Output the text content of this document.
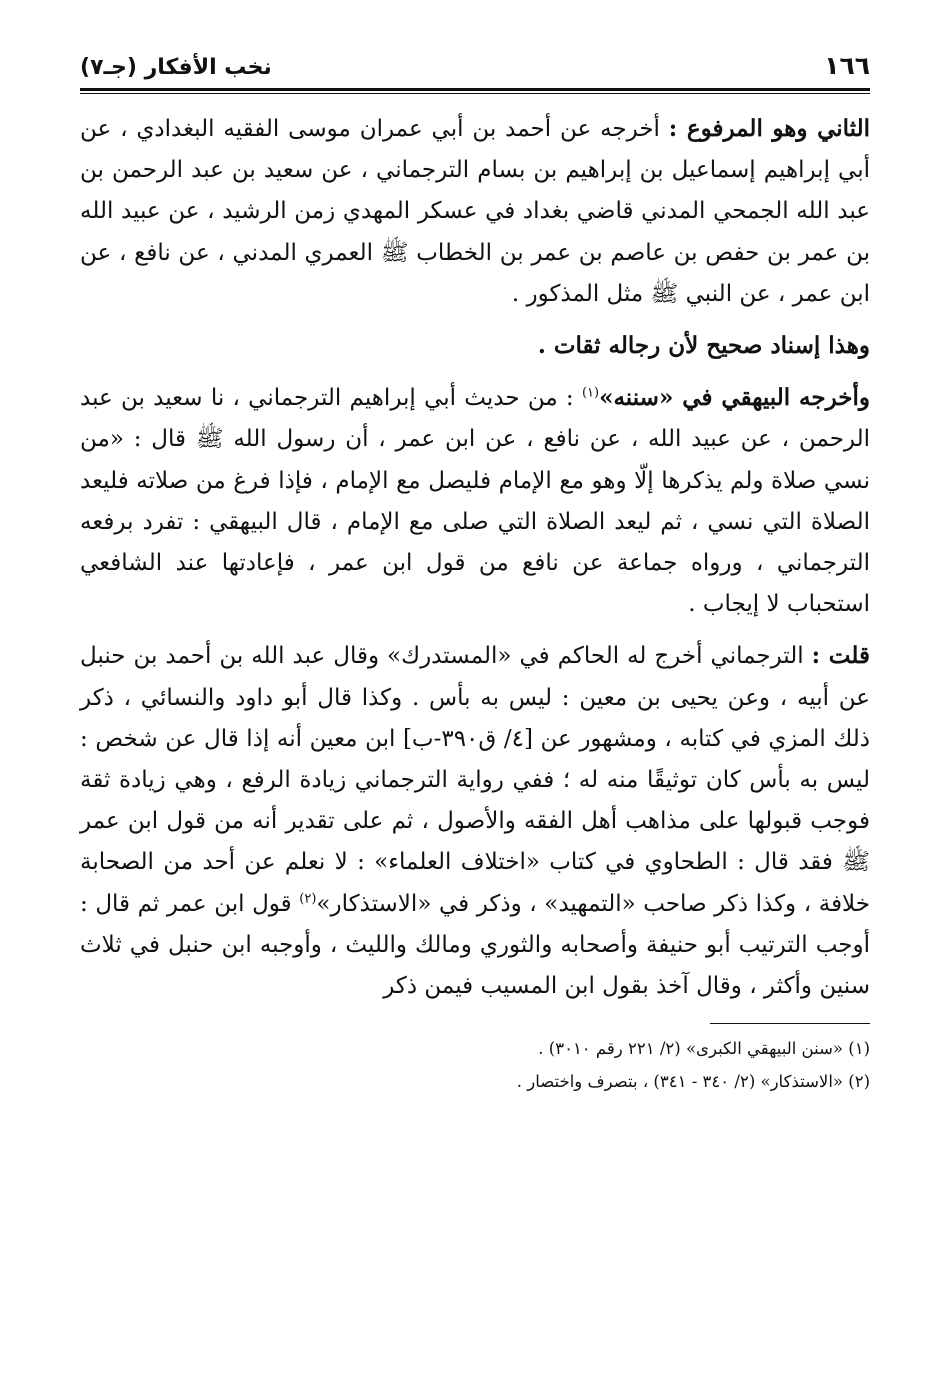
١٦٦
نخب الأفكار (جـ٧)

الثاني وهو المرفوع : أخرجه عن أحمد بن أبي عمران موسى الفقيه البغدادي ، عن أبي إبراهيم إسماعيل بن إبراهيم بن بسام الترجماني ، عن سعيد بن عبد الرحمن بن عبد الله الجمحي المدني قاضي بغداد في عسكر المهدي زمن الرشيد ، عن عبيد الله بن عمر بن حفص بن عاصم بن عمر بن الخطاب ﷺ العمري المدني ، عن نافع ، عن ابن عمر ، عن النبي ﷺ مثل المذكور .

وهذا إسناد صحيح لأن رجاله ثقات .

وأخرجه البيهقي في «سننه»$^{(١)}$ : من حديث أبي إبراهيم الترجماني ، نا سعيد بن عبد الرحمن ، عن عبيد الله ، عن نافع ، عن ابن عمر ، أن رسول الله ﷺ قال : «من نسي صلاة ولم يذكرها إلّا وهو مع الإمام فليصل مع الإمام ، فإذا فرغ من صلاته فليعد الصلاة التي نسي ، ثم ليعد الصلاة التي صلى مع الإمام ، قال البيهقي : تفرد برفعه الترجماني ، ورواه جماعة عن نافع من قول ابن عمر ، فإعادتها عند الشافعي استحباب لا إيجاب .

قلت : الترجماني أخرج له الحاكم في «المستدرك» وقال عبد الله بن أحمد بن حنبل عن أبيه ، وعن يحيى بن معين : ليس به بأس . وكذا قال أبو داود والنسائي ، ذكر ذلك المزي في كتابه ، ومشهور عن [٤/ ق٣٩٠-ب] ابن معين أنه إذا قال عن شخص : ليس به بأس كان توثيقًا منه له ؛ ففي رواية الترجماني زيادة الرفع ، وهي زيادة ثقة فوجب قبولها على مذاهب أهل الفقه والأصول ، ثم على تقدير أنه من قول ابن عمر ﷺ فقد قال : الطحاوي في كتاب «اختلاف العلماء» : لا نعلم عن أحد من الصحابة خلافة ، وكذا ذكر صاحب «التمهيد» ، وذكر في «الاستذكار»$^{(٢)}$ قول ابن عمر ثم قال : أوجب الترتيب أبو حنيفة وأصحابه والثوري ومالك والليث ، وأوجبه ابن حنبل في ثلاث سنين وأكثر ، وقال آخذ بقول ابن المسيب فيمن ذكر

(١) «سنن البيهقي الكبرى» (٢/ ٢٢١ رقم ٣٠١٠) .

(٢) «الاستذكار» (٢/ ٣٤٠ - ٣٤١) ، بتصرف واختصار .
